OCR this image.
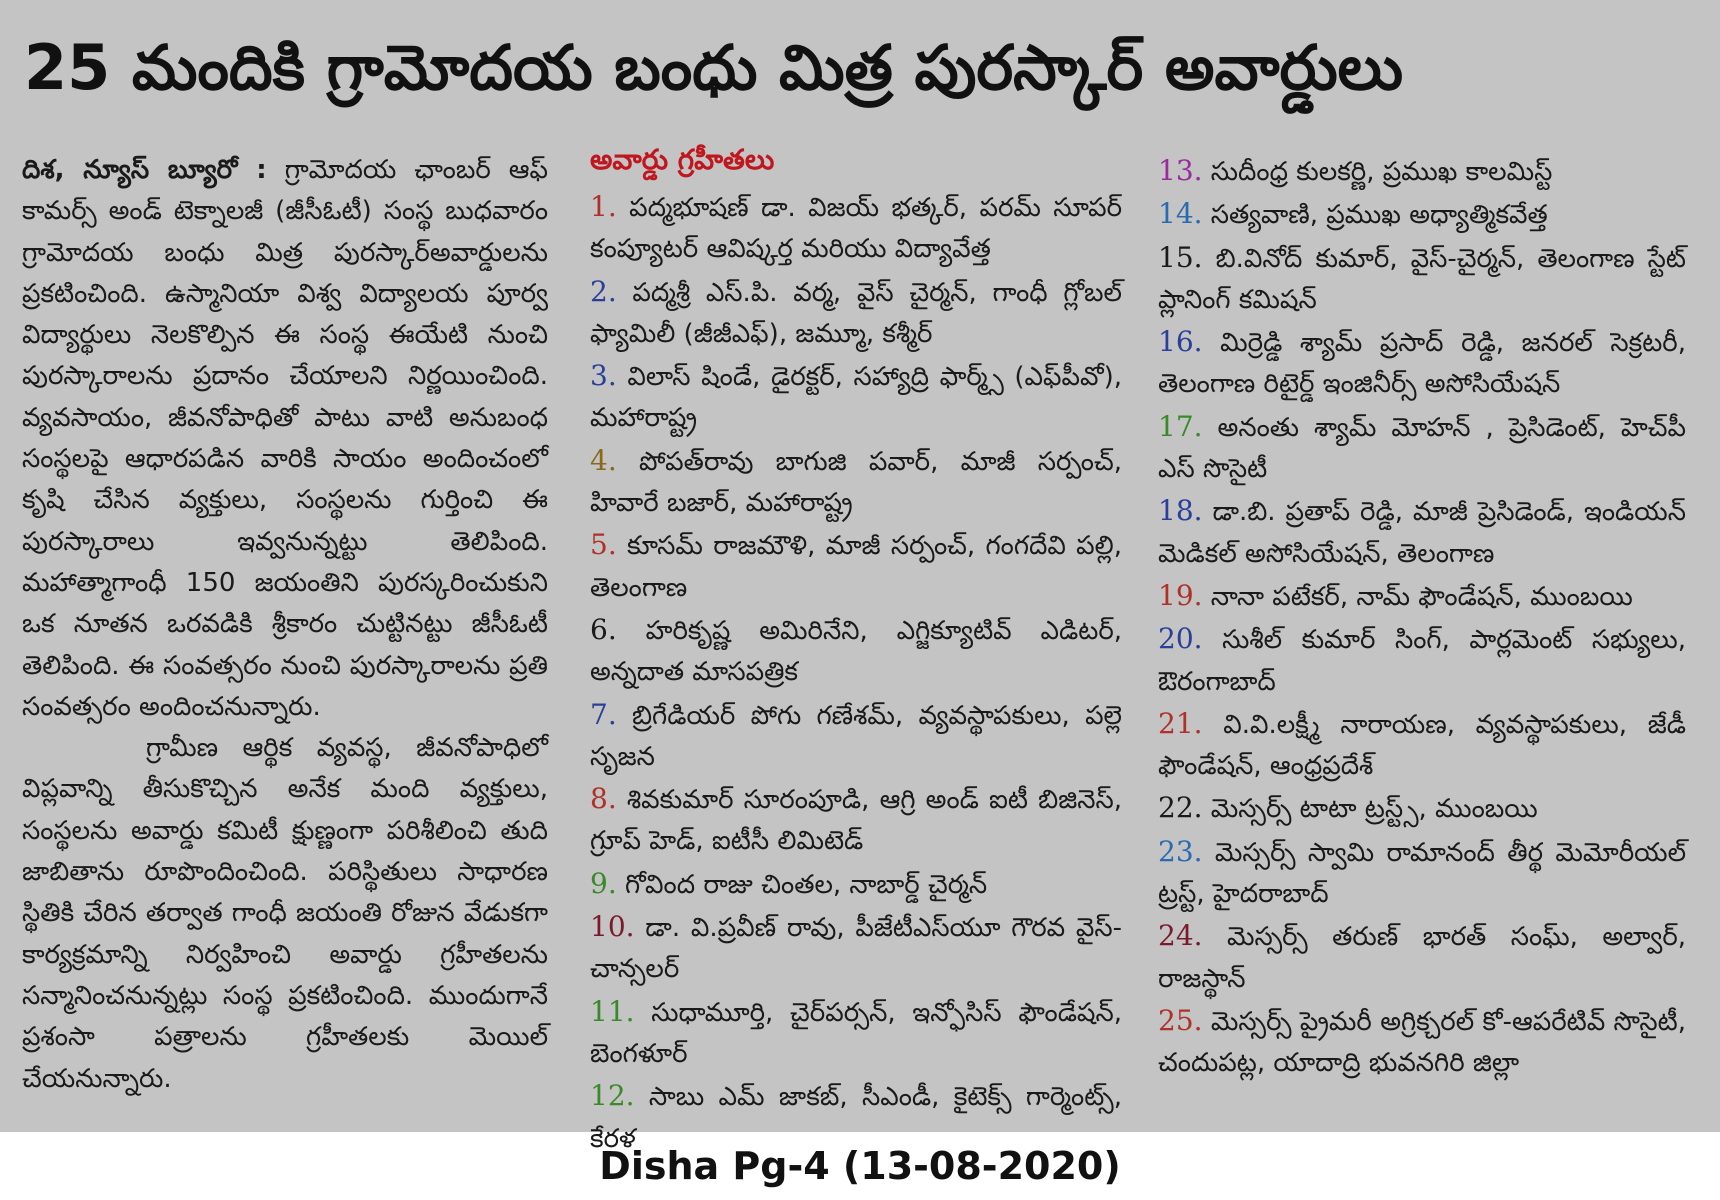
25 మందికి గ్రామోదయ బంధు మిత్ర పురస్కార్ అవార్డులు

దిశ, న్యూస్ బ్యూరో : గ్రామోదయ ఛాంబర్ ఆఫ్ కామర్స్ అండ్ టెక్నాలజీ (జీసీఓటీ) సంస్థ బుధవారం గ్రామోదయ బంధు మిత్ర పురస్కార్అవార్డులను ప్రకటించింది. ఉస్మానియా విశ్వ విద్యాలయ పూర్వ విద్యార్థులు నెలకొల్పిన ఈ సంస్థ ఈయేటి నుంచి పురస్కారాలను ప్రదానం చేయాలని నిర్ణయించింది. వ్యవసాయం, జీవనోపాధితో పాటు వాటి అనుబంధ సంస్థలపై ఆధారపడిన వారికి సాయం అందించంలో కృషి చేసిన వ్యక్తులు, సంస్థలను గుర్తించి ఈ పురస్కారాలు ఇవ్వనున్నట్టు తెలిపింది. మహాత్మాగాంధీ 150 జయంతిని పురస్కరించుకుని ఒక నూతన ఒరవడికి శ్రీకారం చుట్టినట్టు జీసీఓటీ తెలిపింది. ఈ సంవత్సరం నుంచి పురస్కారాలను ప్రతి సంవత్సరం అందించనున్నారు.

గ్రామీణ ఆర్థిక వ్యవస్థ, జీవనోపాధిలో విప్లవాన్ని తీసుకొచ్చిన అనేక మంది వ్యక్తులు, సంస్థలను అవార్డు కమిటీ క్షుణ్ణంగా పరిశీలించి తుది జాబితాను రూపొందించింది. పరిస్థితులు సాధారణ స్థితికి చేరిన తర్వాత గాంధీ జయంతి రోజున వేడుకగా కార్యక్రమాన్ని నిర్వహించి అవార్డు గ్రహీతలను సన్మానించనున్నట్లు సంస్థ ప్రకటించింది. ముందుగానే ప్రశంసా పత్రాలను గ్రహీతలకు మెయిల్ చేయనున్నారు.

అవార్డు గ్రహీతలు
1. పద్మభూషణ్ డా. విజయ్ భత్కర్, పరమ్ సూపర్ కంప్యూటర్ ఆవిష్కర్త మరియు విద్యావేత్త
2. పద్మశ్రీ ఎస్.పి. వర్మ, వైస్ చైర్మన్, గాంధీ గ్లోబల్ ఫ్యామిలీ (జీజీఎఫ్), జమ్మూ, కశ్మీర్
3. విలాస్ షిండే, డైరక్టర్, సహ్యాద్రి ఫార్మ్స్ (ఎఫ్‌పీవో), మహారాష్ట్ర
4. పోపత్‌రావు బాగుజి పవార్, మాజీ సర్పంచ్, హివారే బజార్, మహారాష్ట్ర
5. కూసమ్ రాజమౌళి, మాజీ సర్పంచ్, గంగదేవి పల్లి, తెలంగాణ
6. హరికృష్ణ అమిరినేని, ఎగ్జిక్యూటివ్ ఎడిటర్, అన్నదాత మాసపత్రిక
7. బ్రిగేడియర్ పోగు గణేశమ్, వ్యవస్థాపకులు, పల్లె సృజన
8. శివకుమార్ సూరంపూడి, ఆగ్రి అండ్ ఐటీ బిజినెస్, గ్రూప్ హెడ్, ఐటీసీ లిమిటెడ్
9. గోవింద రాజు చింతల, నాబార్డ్ చైర్మన్
10. డా. వి.ప్రవీణ్ రావు, పీజేటీఎస్‌యూ గౌరవ వైస్-చాన్సలర్
11. సుధామూర్తి, చైర్‌పర్సన్, ఇన్ఫోసిస్ ఫౌండేషన్, బెంగళూర్
12. సాబు ఎమ్ జాకబ్, సీఎండీ, కైటెక్స్ గార్మెంట్స్, కేరళ
13. సుదీంధ్ర కులకర్ణి, ప్రముఖ కాలమిస్ట్
14. సత్యవాణి, ప్రముఖ అధ్యాత్మికవేత్త
15. బి.వినోద్ కుమార్, వైస్-చైర్మన్, తెలంగాణ స్టేట్ ప్లానింగ్ కమిషన్
16. మిర్రెడ్డి శ్యామ్ ప్రసాద్ రెడ్డి, జనరల్ సెక్రటరీ, తెలంగాణ రిటైర్డ్ ఇంజినీర్స్ అసోసియేషన్
17. అనంతు శ్యామ్ మోహన్ , ప్రెసిడెంట్, హెచ్‌పీ ఎస్ సొసైటీ
18. డా.బి. ప్రతాప్ రెడ్డి, మాజీ ప్రెసిడెండ్, ఇండియన్ మెడికల్ అసోసియేషన్, తెలంగాణ
19. నానా పటేకర్, నామ్ ఫౌండేషన్, ముంబయి
20. సుశీల్ కుమార్ సింగ్, పార్లమెంట్ సభ్యులు, ఔరంగాబాద్
21. వి.వి.లక్ష్మీ నారాయణ, వ్యవస్థాపకులు, జేడీ ఫౌండేషన్, ఆంధ్రప్రదేశ్
22. మెస్సర్స్ టాటా ట్రస్ట్స్, ముంబయి
23. మెస్సర్స్ స్వామి రామానంద్ తీర్థ మెమోరీయల్ ట్రస్ట్, హైదరాబాద్
24. మెస్సర్స్ తరుణ్ భారత్ సంఘ్, అల్వార్, రాజస్థాన్
25. మెస్సర్స్ ప్రైమరీ అగ్రిక్చరల్ కో-ఆపరేటివ్ సొసైటీ, చందుపట్ల, యాదాద్రి భువనగిరి జిల్లా
Disha Pg-4 (13-08-2020)
